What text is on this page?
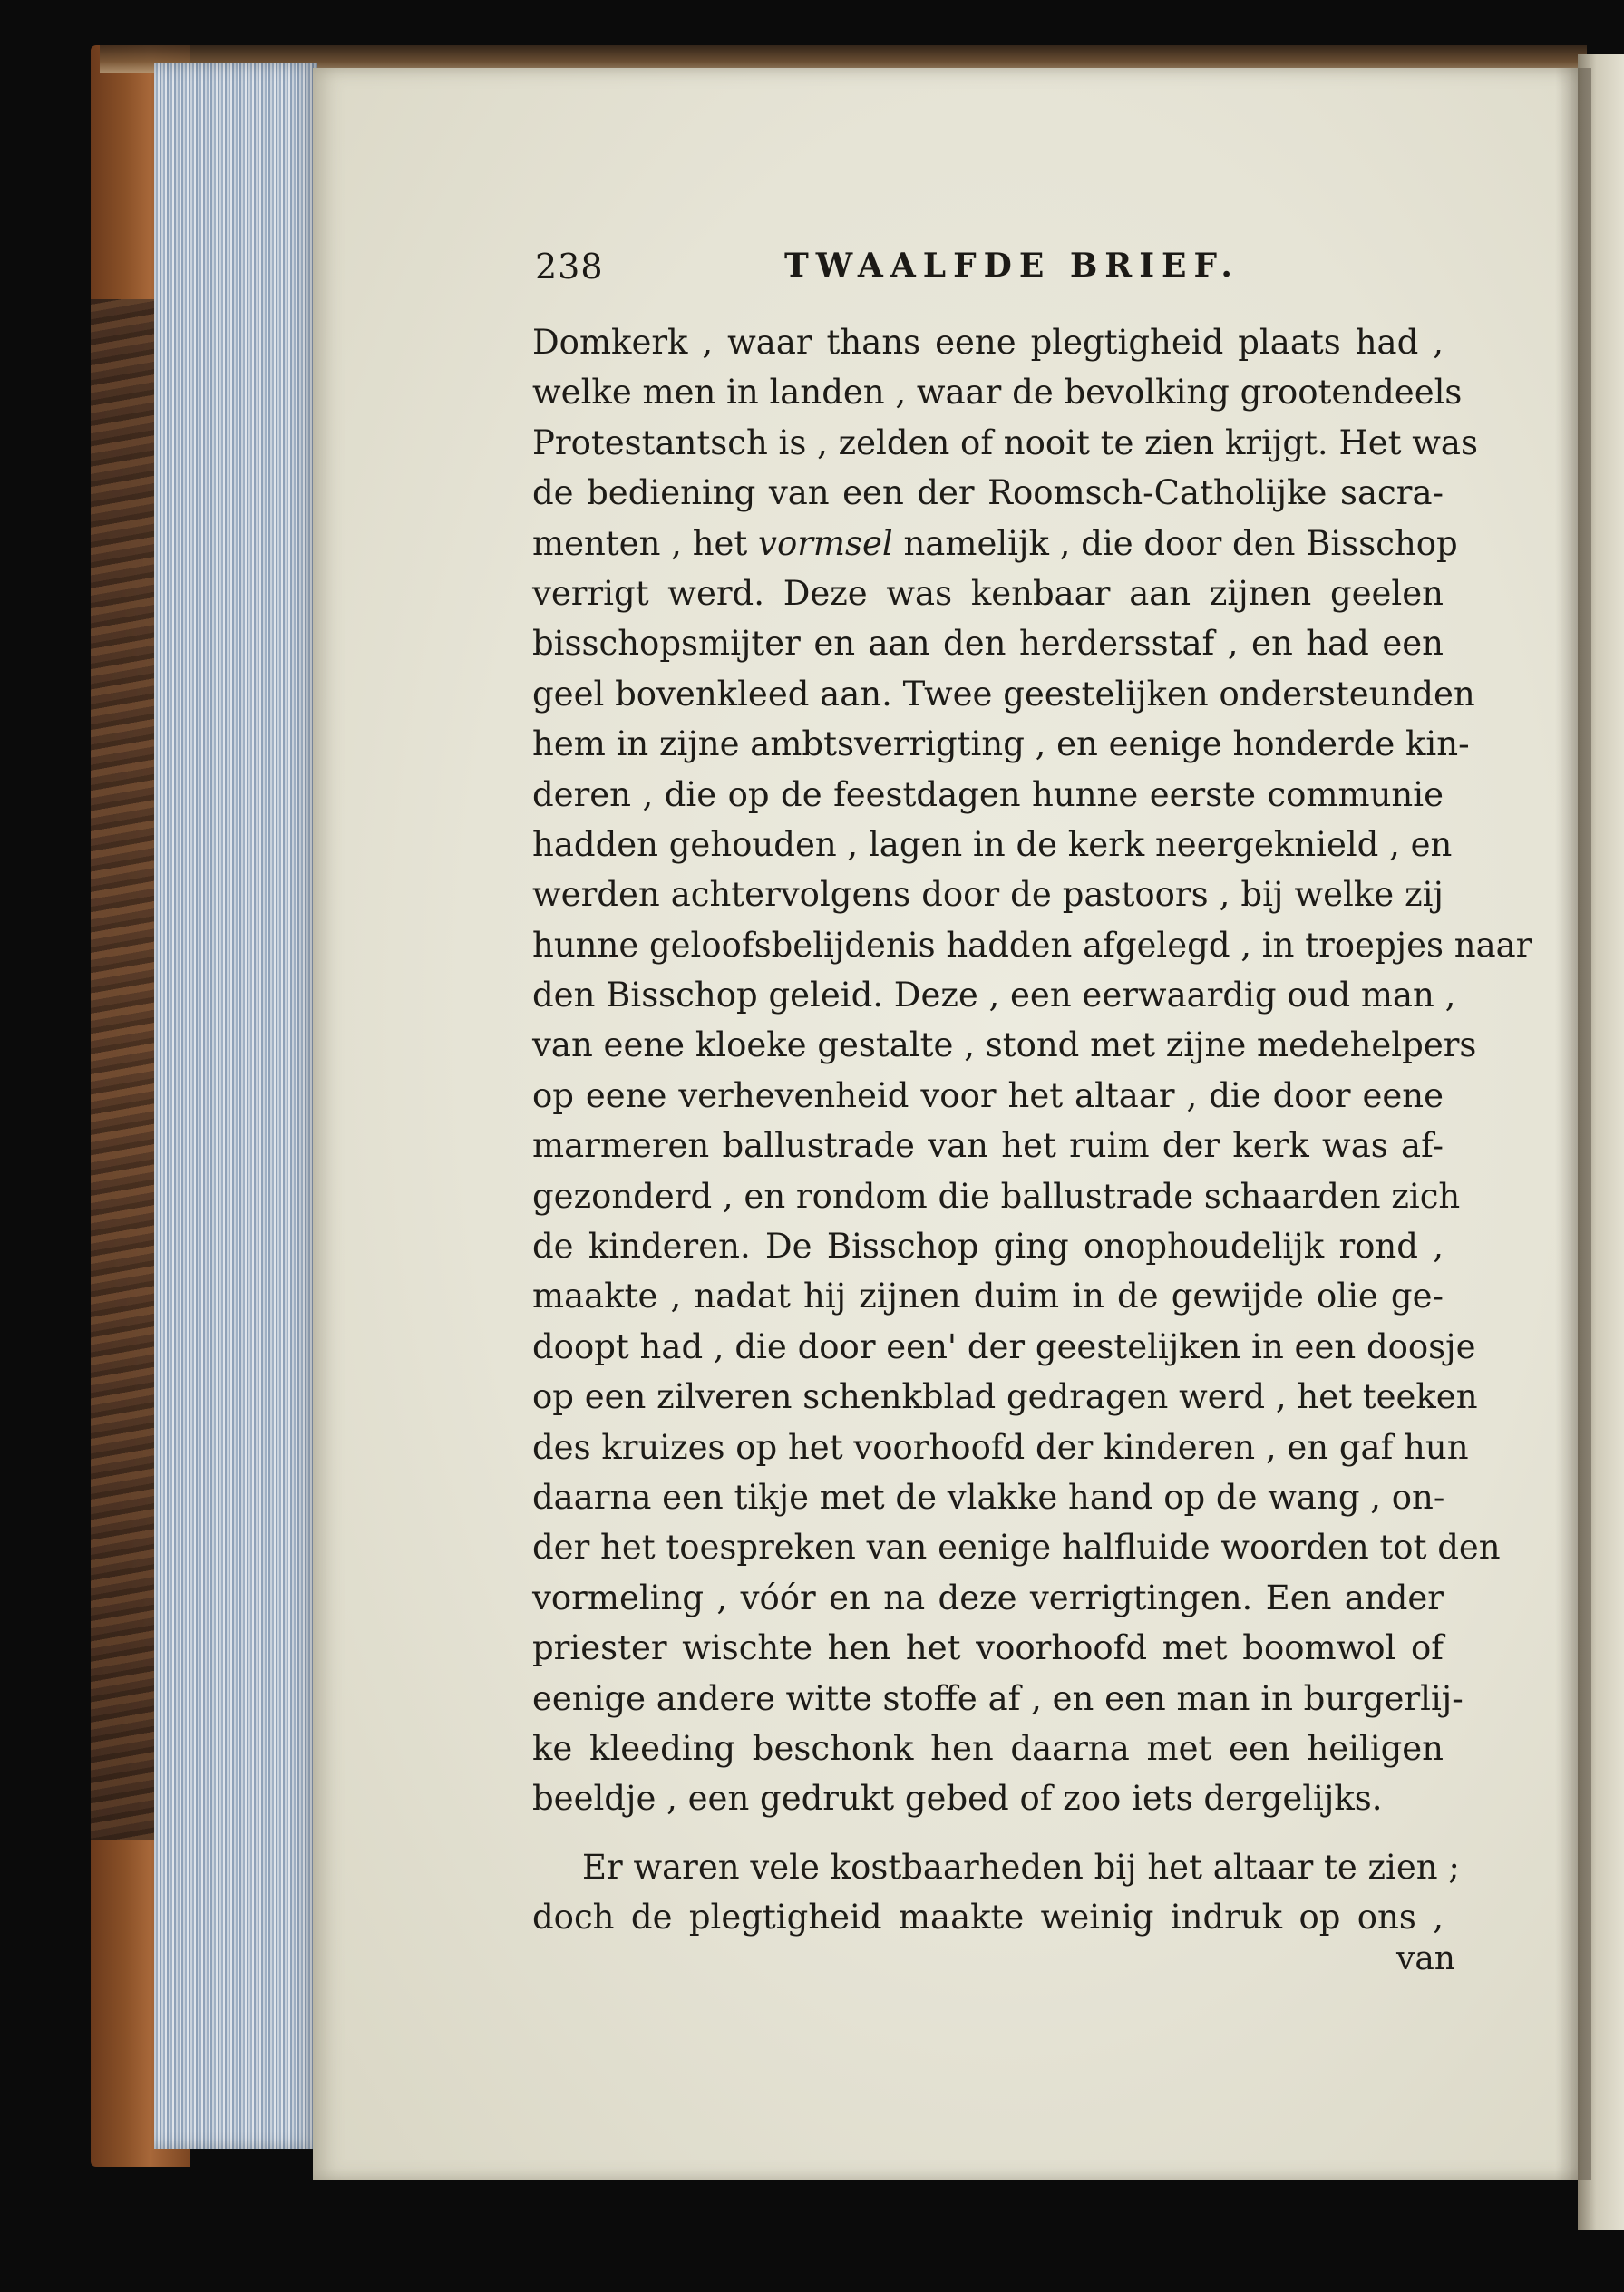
238	TWAALFDE BRIEF.
Domkerk , waar thans eene plegtigheid plaats had ,
welke men in landen , waar de bevolking grootendeels
Protestantsch is , zelden of nooit te zien krijgt. Het was
de bediening van een der Roomsch-Catholijke sacra-
menten , het vormsel namelijk , die door den Bisschop
verrigt werd. Deze was kenbaar aan zijnen geelen
bisschopsmijter en aan den herdersstaf , en had een
geel bovenkleed aan. Twee geestelijken ondersteunden
hem in zijne ambtsverrigting , en eenige honderde kin-
deren , die op de feestdagen hunne eerste communie
hadden gehouden , lagen in de kerk neergeknield , en
werden achtervolgens door de pastoors , bij welke zij
hunne geloofsbelijdenis hadden afgelegd , in troepjes naar
den Bisschop geleid. Deze , een eerwaardig oud man ,
van eene kloeke gestalte , stond met zijne medehelpers
op eene verhevenheid voor het altaar , die door eene
marmeren ballustrade van het ruim der kerk was af-
gezonderd , en rondom die ballustrade schaarden zich
de kinderen. De Bisschop ging onophoudelijk rond ,
maakte , nadat hij zijnen duim in de gewijde olie ge-
doopt had , die door een' der geestelijken in een doosje
op een zilveren schenkblad gedragen werd , het teeken
des kruizes op het voorhoofd der kinderen , en gaf hun
daarna een tikje met de vlakke hand op de wang , on-
der het toespreken van eenige halfluide woorden tot den
vormeling , vóór en na deze verrigtingen. Een ander
priester wischte hen het voorhoofd met boomwol of
eenige andere witte stoffe af , en een man in burgerlij-
ke kleeding beschonk hen daarna met een heiligen
beeldje , een gedrukt gebed of zoo iets dergelijks.
Er waren vele kostbaarheden bij het altaar te zien ;
doch de plegtigheid maakte weinig indruk op ons ,
van
